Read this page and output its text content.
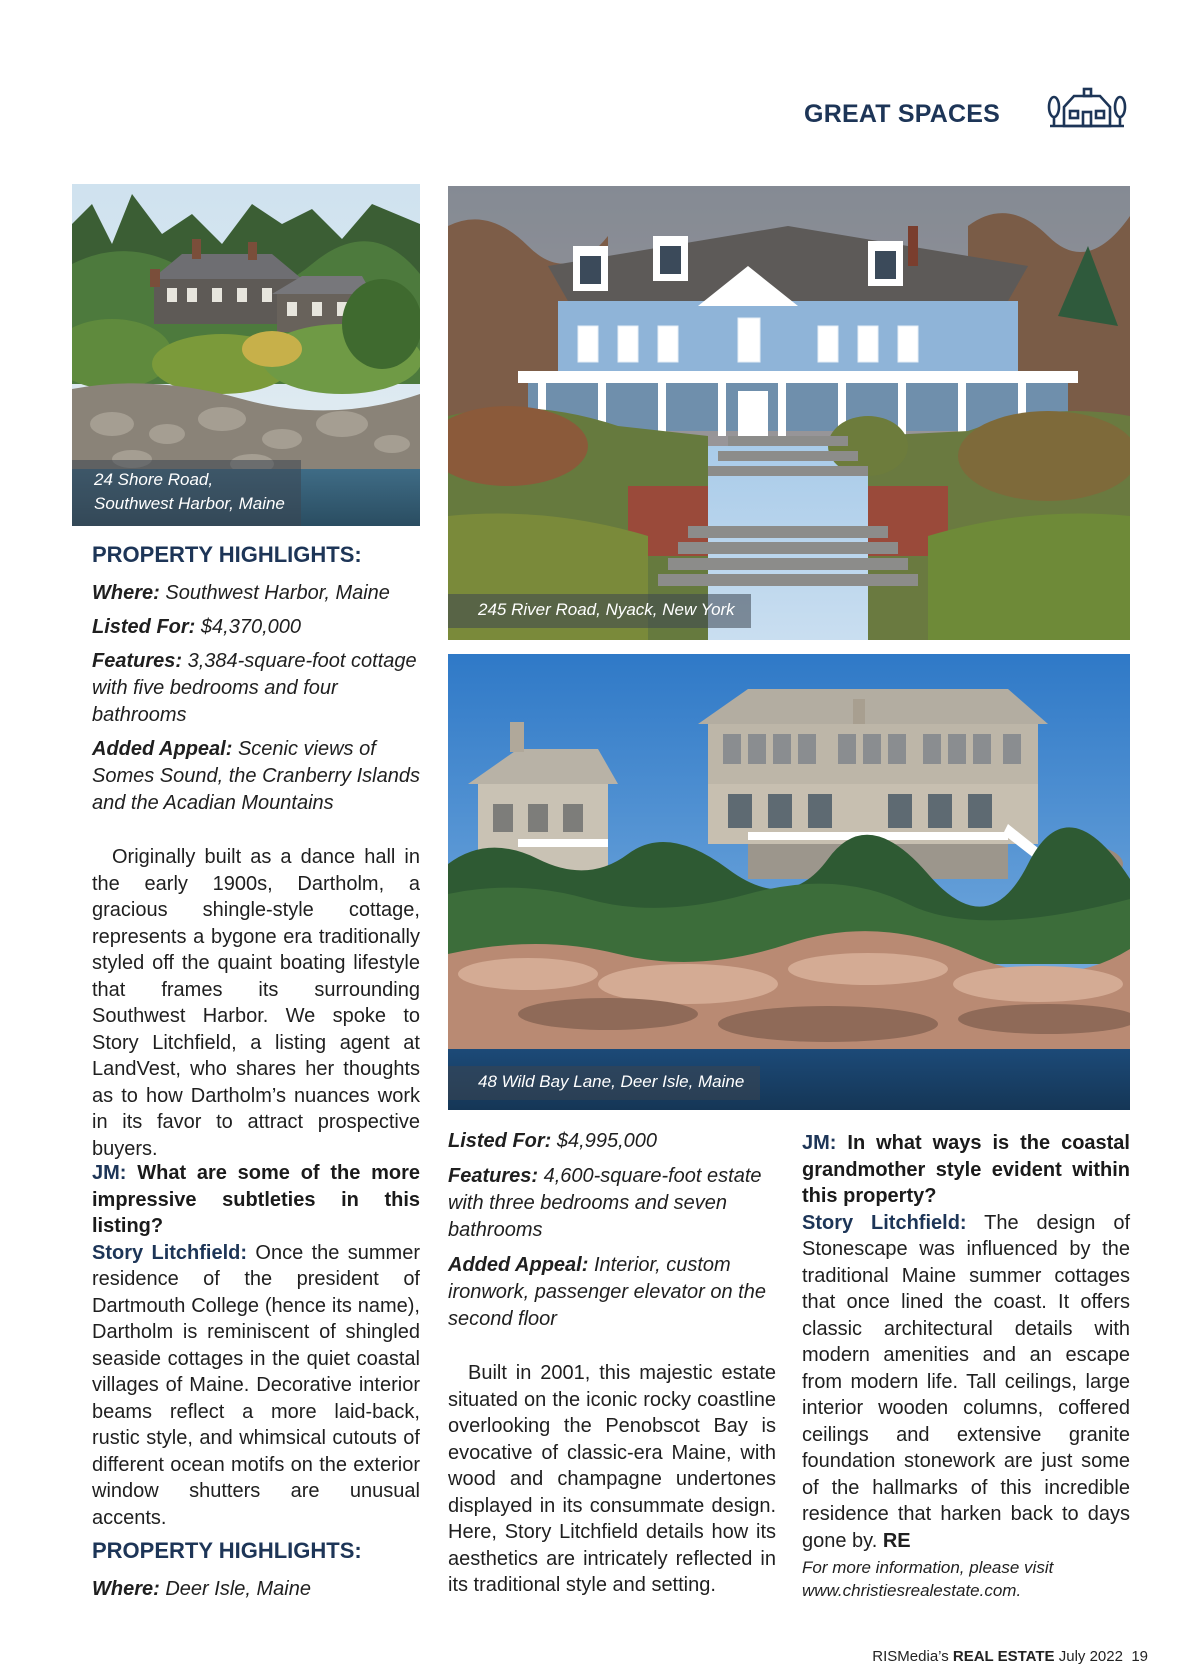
GREAT SPACES
24 Shore Road,
Southwest Harbor, Maine
245 River Road, Nyack, New York
48 Wild Bay Lane, Deer Isle, Maine
PROPERTY HIGHLIGHTS:

Where: Southwest Harbor, Maine

Listed For: $4,370,000

Features: 3,384-square-foot cottage with five bedrooms and four bathrooms

Added Appeal: Scenic views of Somes Sound, the Cranberry Islands and the Acadian Mountains

Originally built as a dance hall in the early 1900s, Dartholm, a gracious shingle-style cottage, represents a bygone era traditionally styled off the quaint boating lifestyle that frames its surrounding Southwest Harbor. We spoke to Story Litchfield, a listing agent at LandVest, who shares her thoughts as to how Dartholm’s nuances work in its favor to attract prospective buyers.

JM: What are some of the more impressive subtleties in this listing?

Story Litchfield: Once the summer residence of the president of Dartmouth College (hence its name), Dartholm is reminiscent of shingled seaside cottages in the quiet coastal villages of Maine. Decorative interior beams reflect a more laid-back, rustic style, and whimsical cutouts of different ocean motifs on the exterior window shutters are unusual accents.

PROPERTY HIGHLIGHTS:

Where: Deer Isle, Maine

Listed For: $4,995,000

Features: 4,600-square-foot estate with three bedrooms and seven bathrooms

Added Appeal: Interior, custom ironwork, passenger elevator on the second floor

Built in 2001, this majestic estate situated on the iconic rocky coastline overlooking the Penobscot Bay is evocative of classic-era Maine, with wood and champagne undertones displayed in its consummate design. Here, Story Litchfield details how its aesthetics are intricately reflected in its traditional style and setting.

JM: In what ways is the coastal grandmother style evident within this property?

Story Litchfield: The design of Stonescape was influenced by the traditional Maine summer cottages that once lined the coast. It offers classic architectural details with modern amenities and an escape from modern life. Tall ceilings, large interior wooden columns, coffered ceilings and extensive granite foundation stonework are just some of the hallmarks of this incredible residence that harken back to days gone by. RE

For more information, please visit www.christiesrealestate.com.

RISMedia’s REAL ESTATE July 2022 19
